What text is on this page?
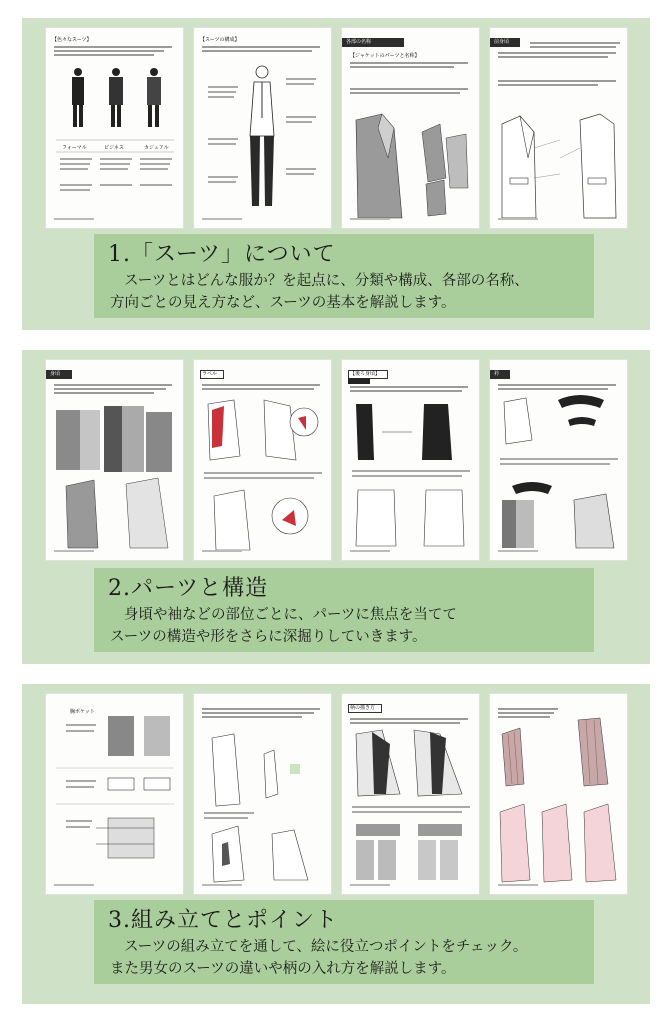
【色々なスーツ】
フォーマル	ビジネス	カジュアル
【スーツの構成】	各部の名称
【ジャケットのパーツと名称】
前身頃
1.「スーツ」について
スーツとはどんな服か？を起点に、分類や構成、各部の名称、
方向ごとの見え方など、スーツの基本を解説します。
身頃	ラペル	【後ろ身頃】	衿
2.パーツと構造
身頃や袖などの部位ごとに、パーツに焦点を当てて
スーツの構造や形をさらに深掘りしていきます。
胸ポケット
柄の描き方
3.組み立てとポイント
スーツの組み立てを通して、絵に役立つポイントをチェック。
また男女のスーツの違いや柄の入れ方を解説します。
